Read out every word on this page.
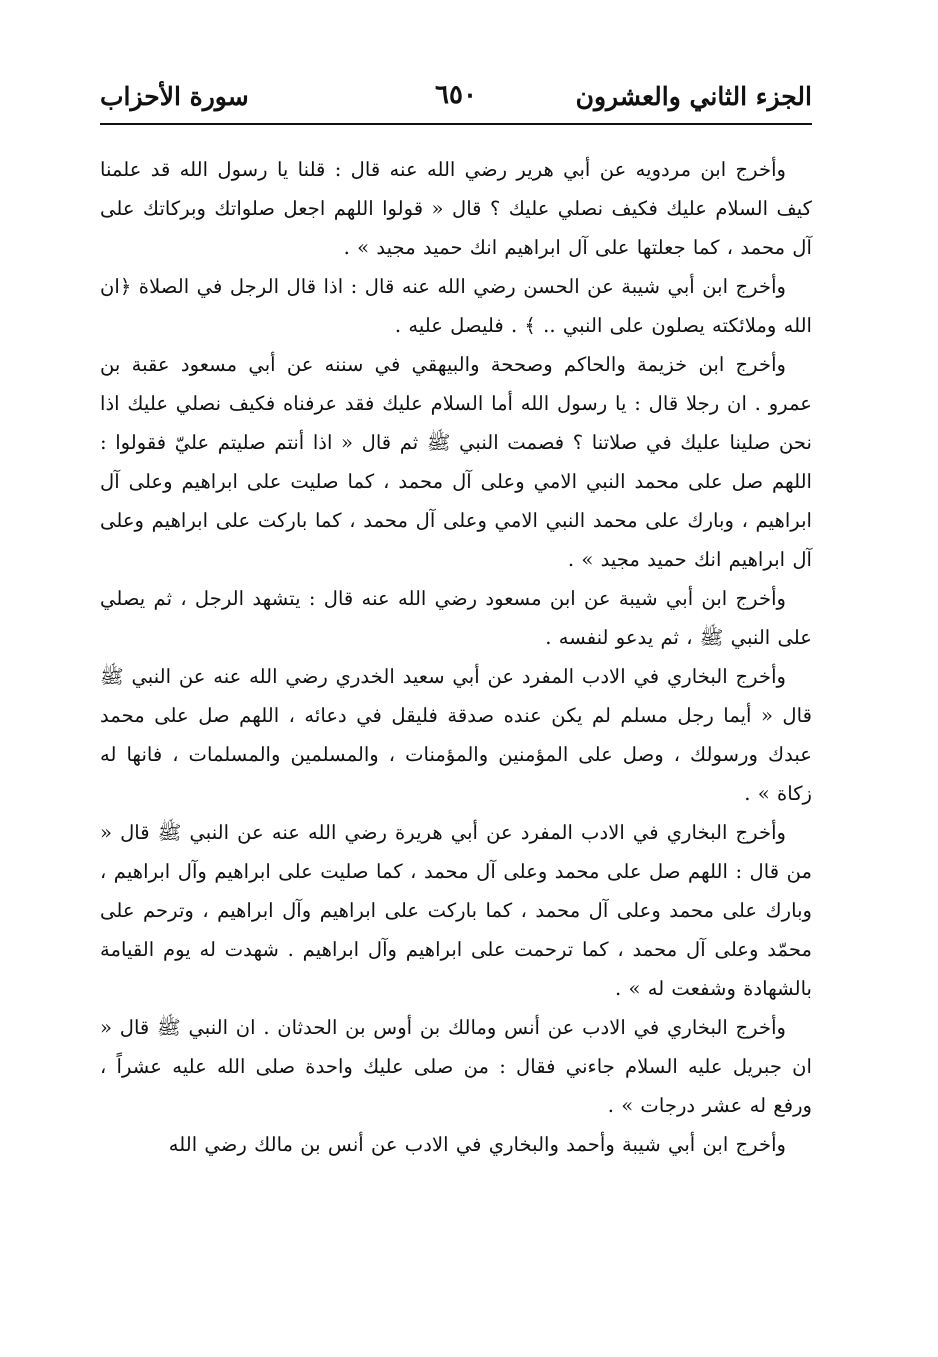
الجزء الثاني والعشرون
٦٥٠
سورة الأحزاب

وأخرج ابن مردويه عن أبي هرير رضي الله عنه قال : قلنا يا رسول الله قد علمنا كيف السلام عليك فكيف نصلي عليك ؟ قال « قولوا اللهم اجعل صلواتك وبركاتك على آل محمد ، كما جعلتها على آل ابراهيم انك حميد مجيد » .

وأخرج ابن أبي شيبة عن الحسن رضي الله عنه قال : اذا قال الرجل في الصلاة ﴿ان الله وملائكته يصلون على النبي .. ﴾ . فليصل عليه .

وأخرج ابن خزيمة والحاكم وصححة والبيهقي في سننه عن أبي مسعود عقبة بن عمرو . ان رجلا قال : يا رسول الله أما السلام عليك فقد عرفناه فكيف نصلي عليك اذا نحن صلينا عليك في صلاتنا ؟ فصمت النبي ﷺ ثم قال « اذا أنتم صليتم عليّ فقولوا : اللهم صل على محمد النبي الامي وعلى آل محمد ، كما صليت على ابراهيم وعلى آل ابراهيم ، وبارك على محمد النبي الامي وعلى آل محمد ، كما باركت على ابراهيم وعلى آل ابراهيم انك حميد مجيد » .

وأخرج ابن أبي شيبة عن ابن مسعود رضي الله عنه قال : يتشهد الرجل ، ثم يصلي على النبي ﷺ ، ثم يدعو لنفسه .

وأخرج البخاري في الادب المفرد عن أبي سعيد الخدري رضي الله عنه عن النبي ﷺ قال « أيما رجل مسلم لم يكن عنده صدقة فليقل في دعائه ، اللهم صل على محمد عبدك ورسولك ، وصل على المؤمنين والمؤمنات ، والمسلمين والمسلمات ، فانها له زكاة » .

وأخرج البخاري في الادب المفرد عن أبي هريرة رضي الله عنه عن النبي ﷺ قال « من قال : اللهم صل على محمد وعلى آل محمد ، كما صليت على ابراهيم وآل ابراهيم ، وبارك على محمد وعلى آل محمد ، كما باركت على ابراهيم وآل ابراهيم ، وترحم على محمّد وعلى آل محمد ، كما ترحمت على ابراهيم وآل ابراهيم . شهدت له يوم القيامة بالشهادة وشفعت له » .

وأخرج البخاري في الادب عن أنس ومالك بن أوس بن الحدثان . ان النبي ﷺ قال « ان جبريل عليه السلام جاءني فقال : من صلى عليك واحدة صلى الله عليه عشراً ، ورفع له عشر درجات » .

وأخرج ابن أبي شيبة وأحمد والبخاري في الادب عن أنس بن مالك رضي الله
